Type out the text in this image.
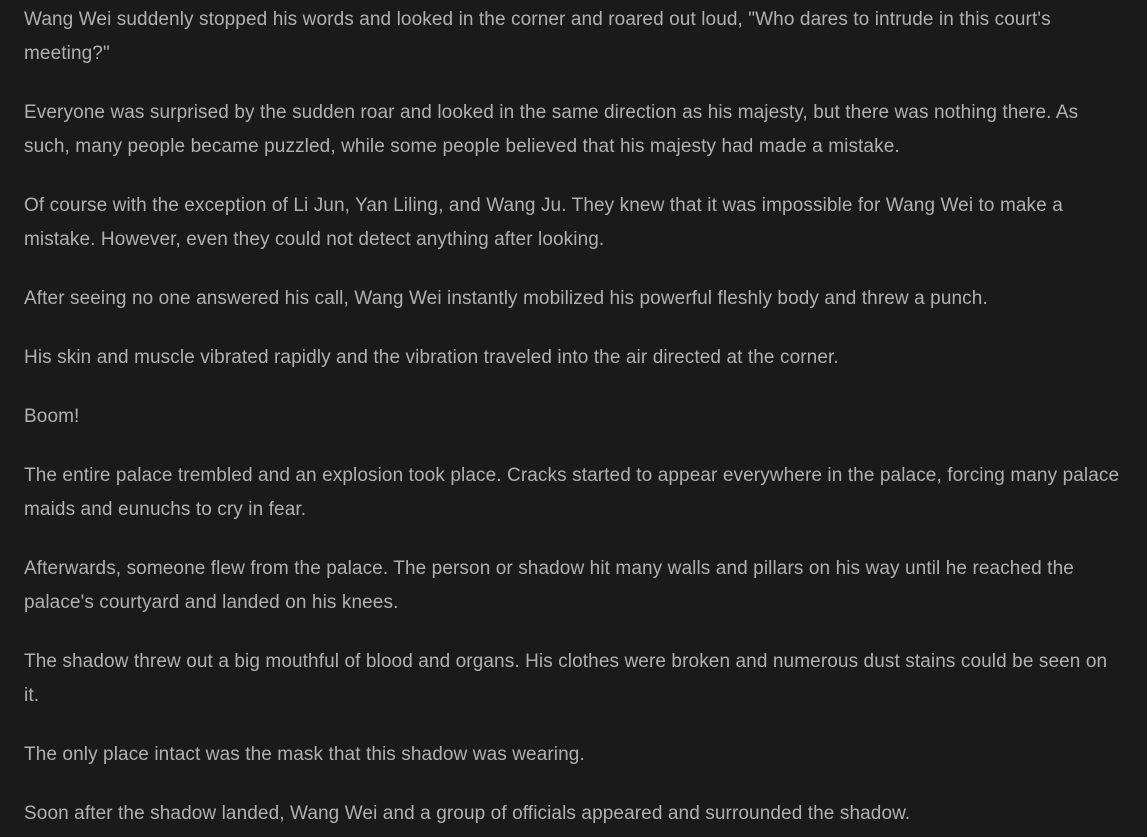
Wang Wei suddenly stopped his words and looked in the corner and roared out loud, "Who dares to intrude in this court's meeting?"

Everyone was surprised by the sudden roar and looked in the same direction as his majesty, but there was nothing there. As such, many people became puzzled, while some people believed that his majesty had made a mistake.

Of course with the exception of Li Jun, Yan Liling, and Wang Ju. They knew that it was impossible for Wang Wei to make a mistake. However, even they could not detect anything after looking.

After seeing no one answered his call, Wang Wei instantly mobilized his powerful fleshly body and threw a punch.

His skin and muscle vibrated rapidly and the vibration traveled into the air directed at the corner.

Boom!

The entire palace trembled and an explosion took place. Cracks started to appear everywhere in the palace, forcing many palace maids and eunuchs to cry in fear.

Afterwards, someone flew from the palace. The person or shadow hit many walls and pillars on his way until he reached the palace's courtyard and landed on his knees.

The shadow threw out a big mouthful of blood and organs. His clothes were broken and numerous dust stains could be seen on it.

The only place intact was the mask that this shadow was wearing.

Soon after the shadow landed, Wang Wei and a group of officials appeared and surrounded the shadow.
